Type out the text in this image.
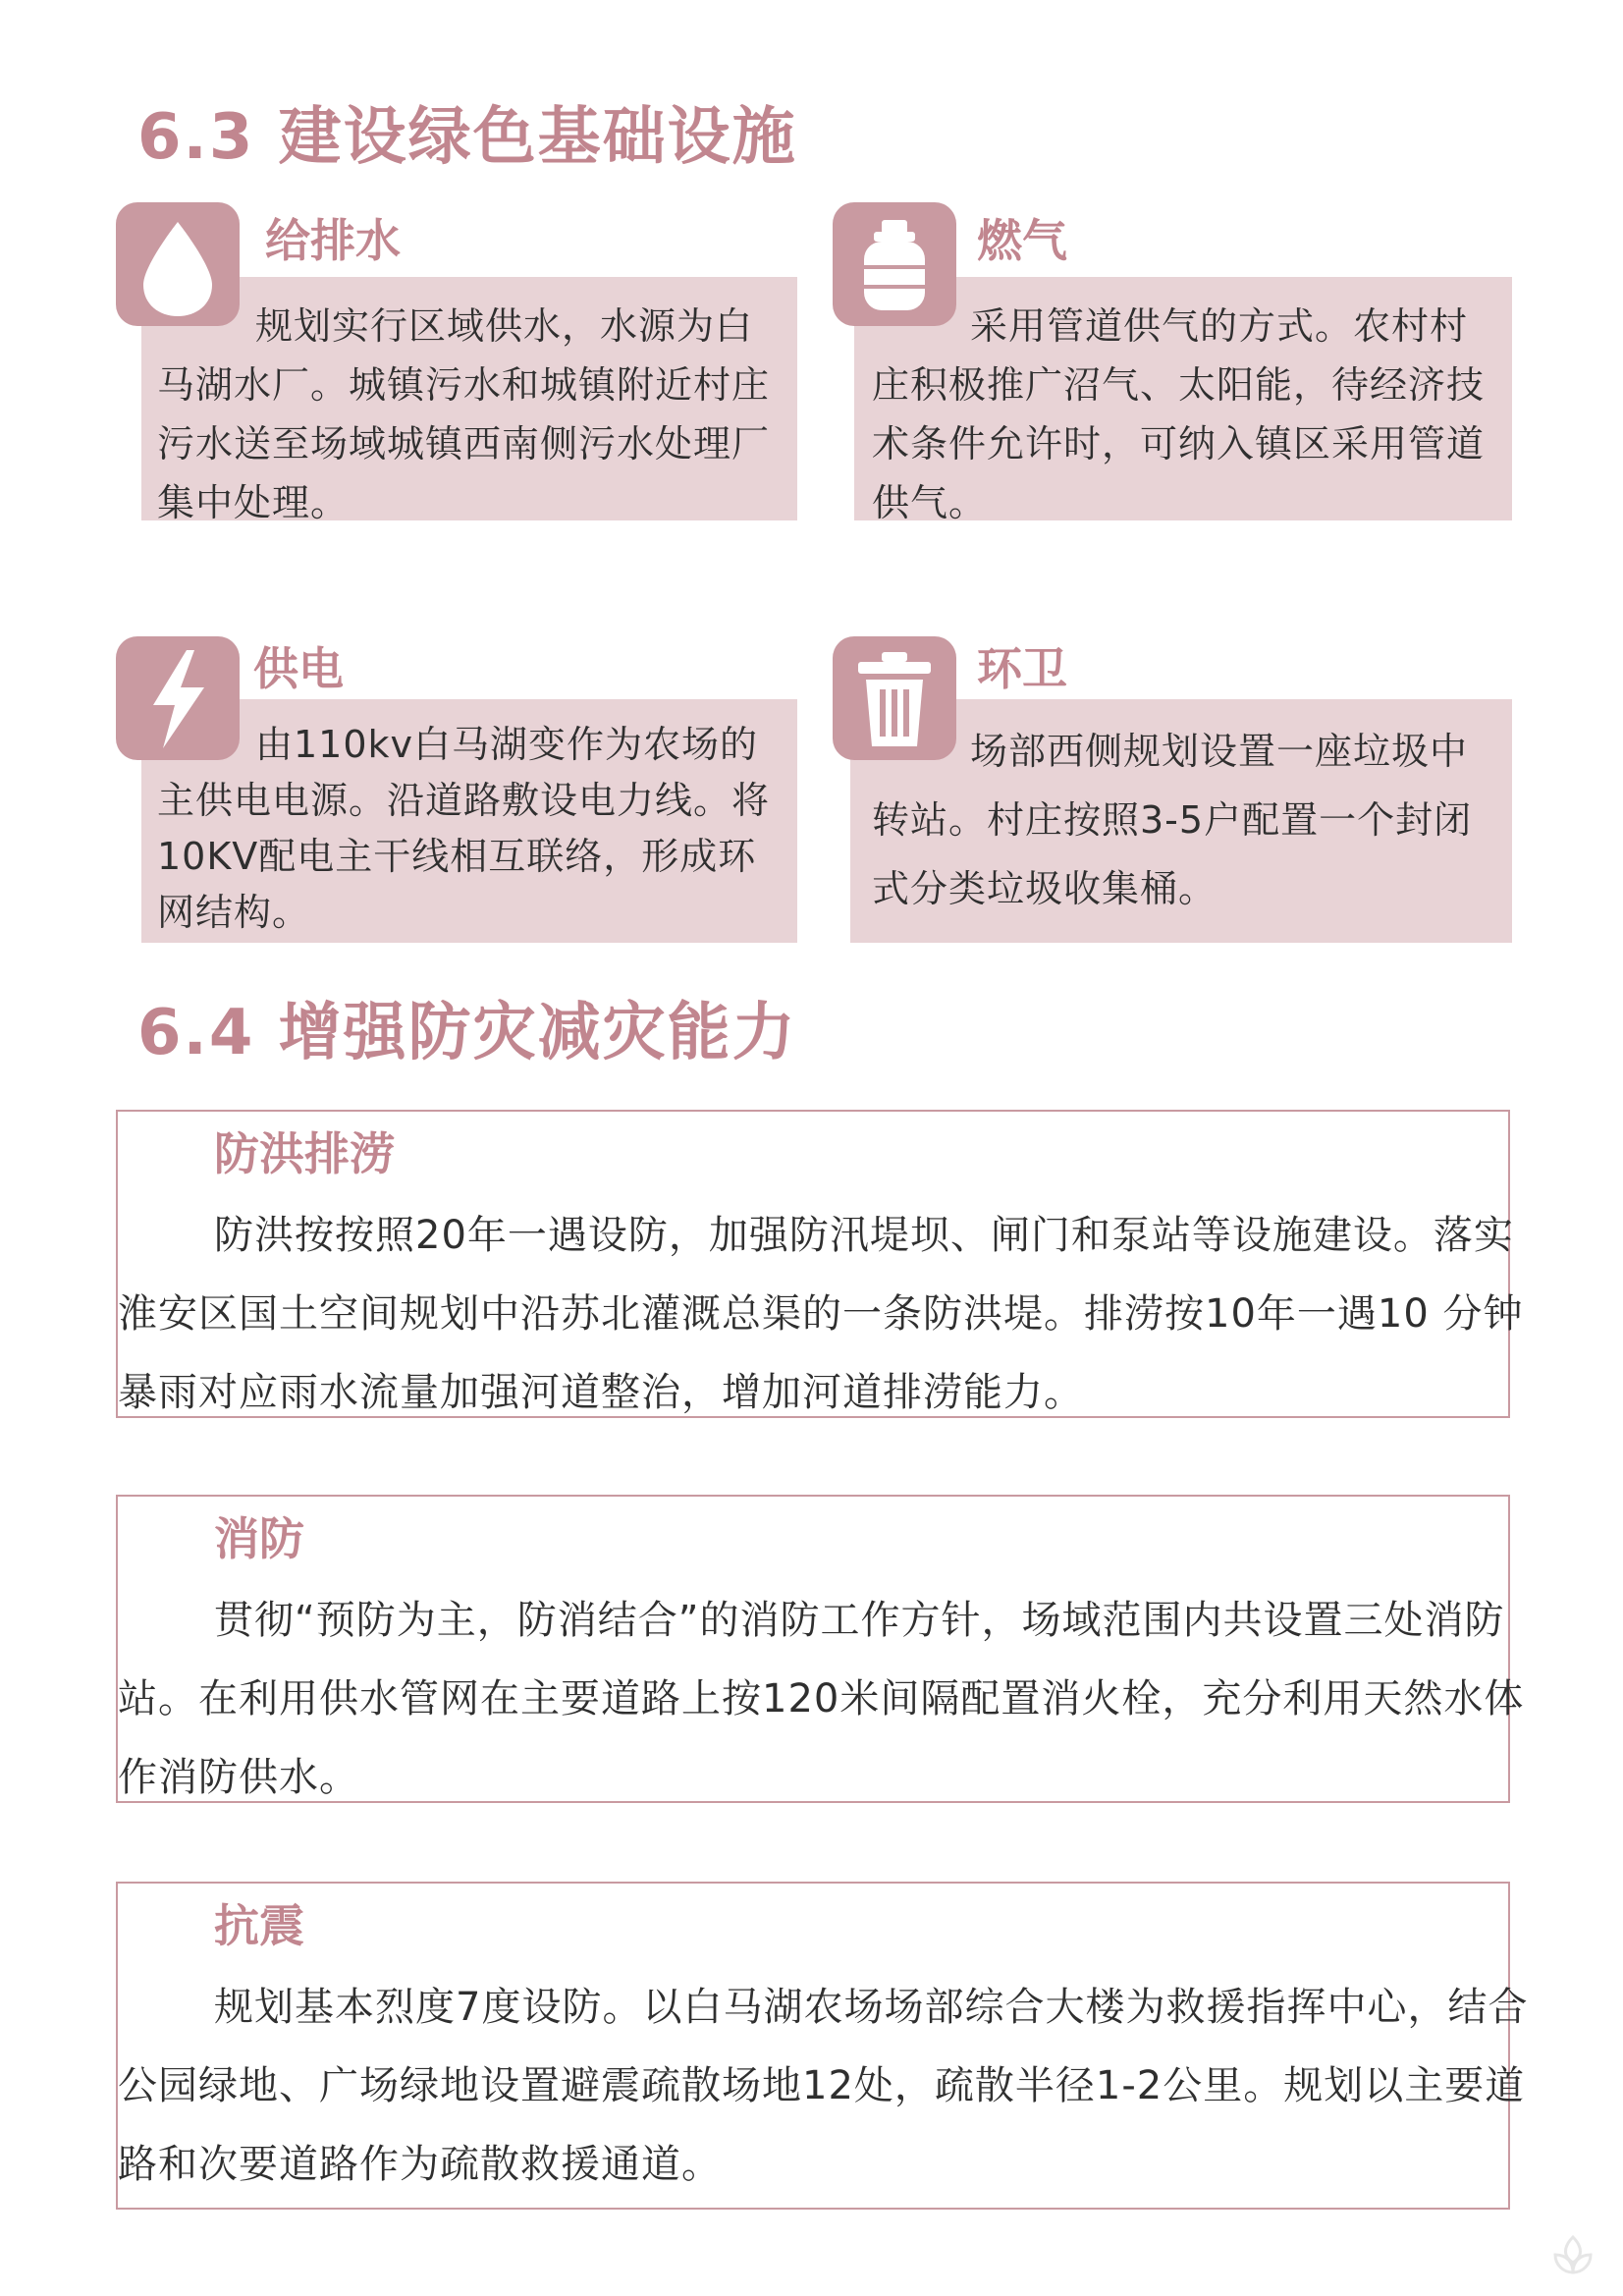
6.3 建设绿色基础设施
给排水

规划实行区域供水，水源为白马湖水厂。城镇污水和城镇附近村庄污水送至场域城镇西南侧污水处理厂集中处理。

燃气

采用管道供气的方式。农村村庄积极推广沼气、太阳能，待经济技术条件允许时，可纳入镇区采用管道供气。

供电

由110kv白马湖变作为农场的主供电电源。沿道路敷设电力线。将10KV配电主干线相互联络，形成环网结构。

环卫

场部西侧规划设置一座垃圾中转站。村庄按照3-5户配置一个封闭式分类垃圾收集桶。

6.4 增强防灾减灾能力
防洪排涝

防洪按按照20年一遇设防，加强防汛堤坝、闸门和泵站等设施建设。落实淮安区国土空间规划中沿苏北灌溉总渠的一条防洪堤。排涝按10年一遇10 分钟暴雨对应雨水流量加强河道整治，增加河道排涝能力。

消防

贯彻“预防为主，防消结合”的消防工作方针，场域范围内共设置三处消防站。在利用供水管网在主要道路上按120米间隔配置消火栓，充分利用天然水体作消防供水。

抗震

规划基本烈度7度设防。以白马湖农场场部综合大楼为救援指挥中心，结合公园绿地、广场绿地设置避震疏散场地12处，疏散半径1-2公里。规划以主要道路和次要道路作为疏散救援通道。
